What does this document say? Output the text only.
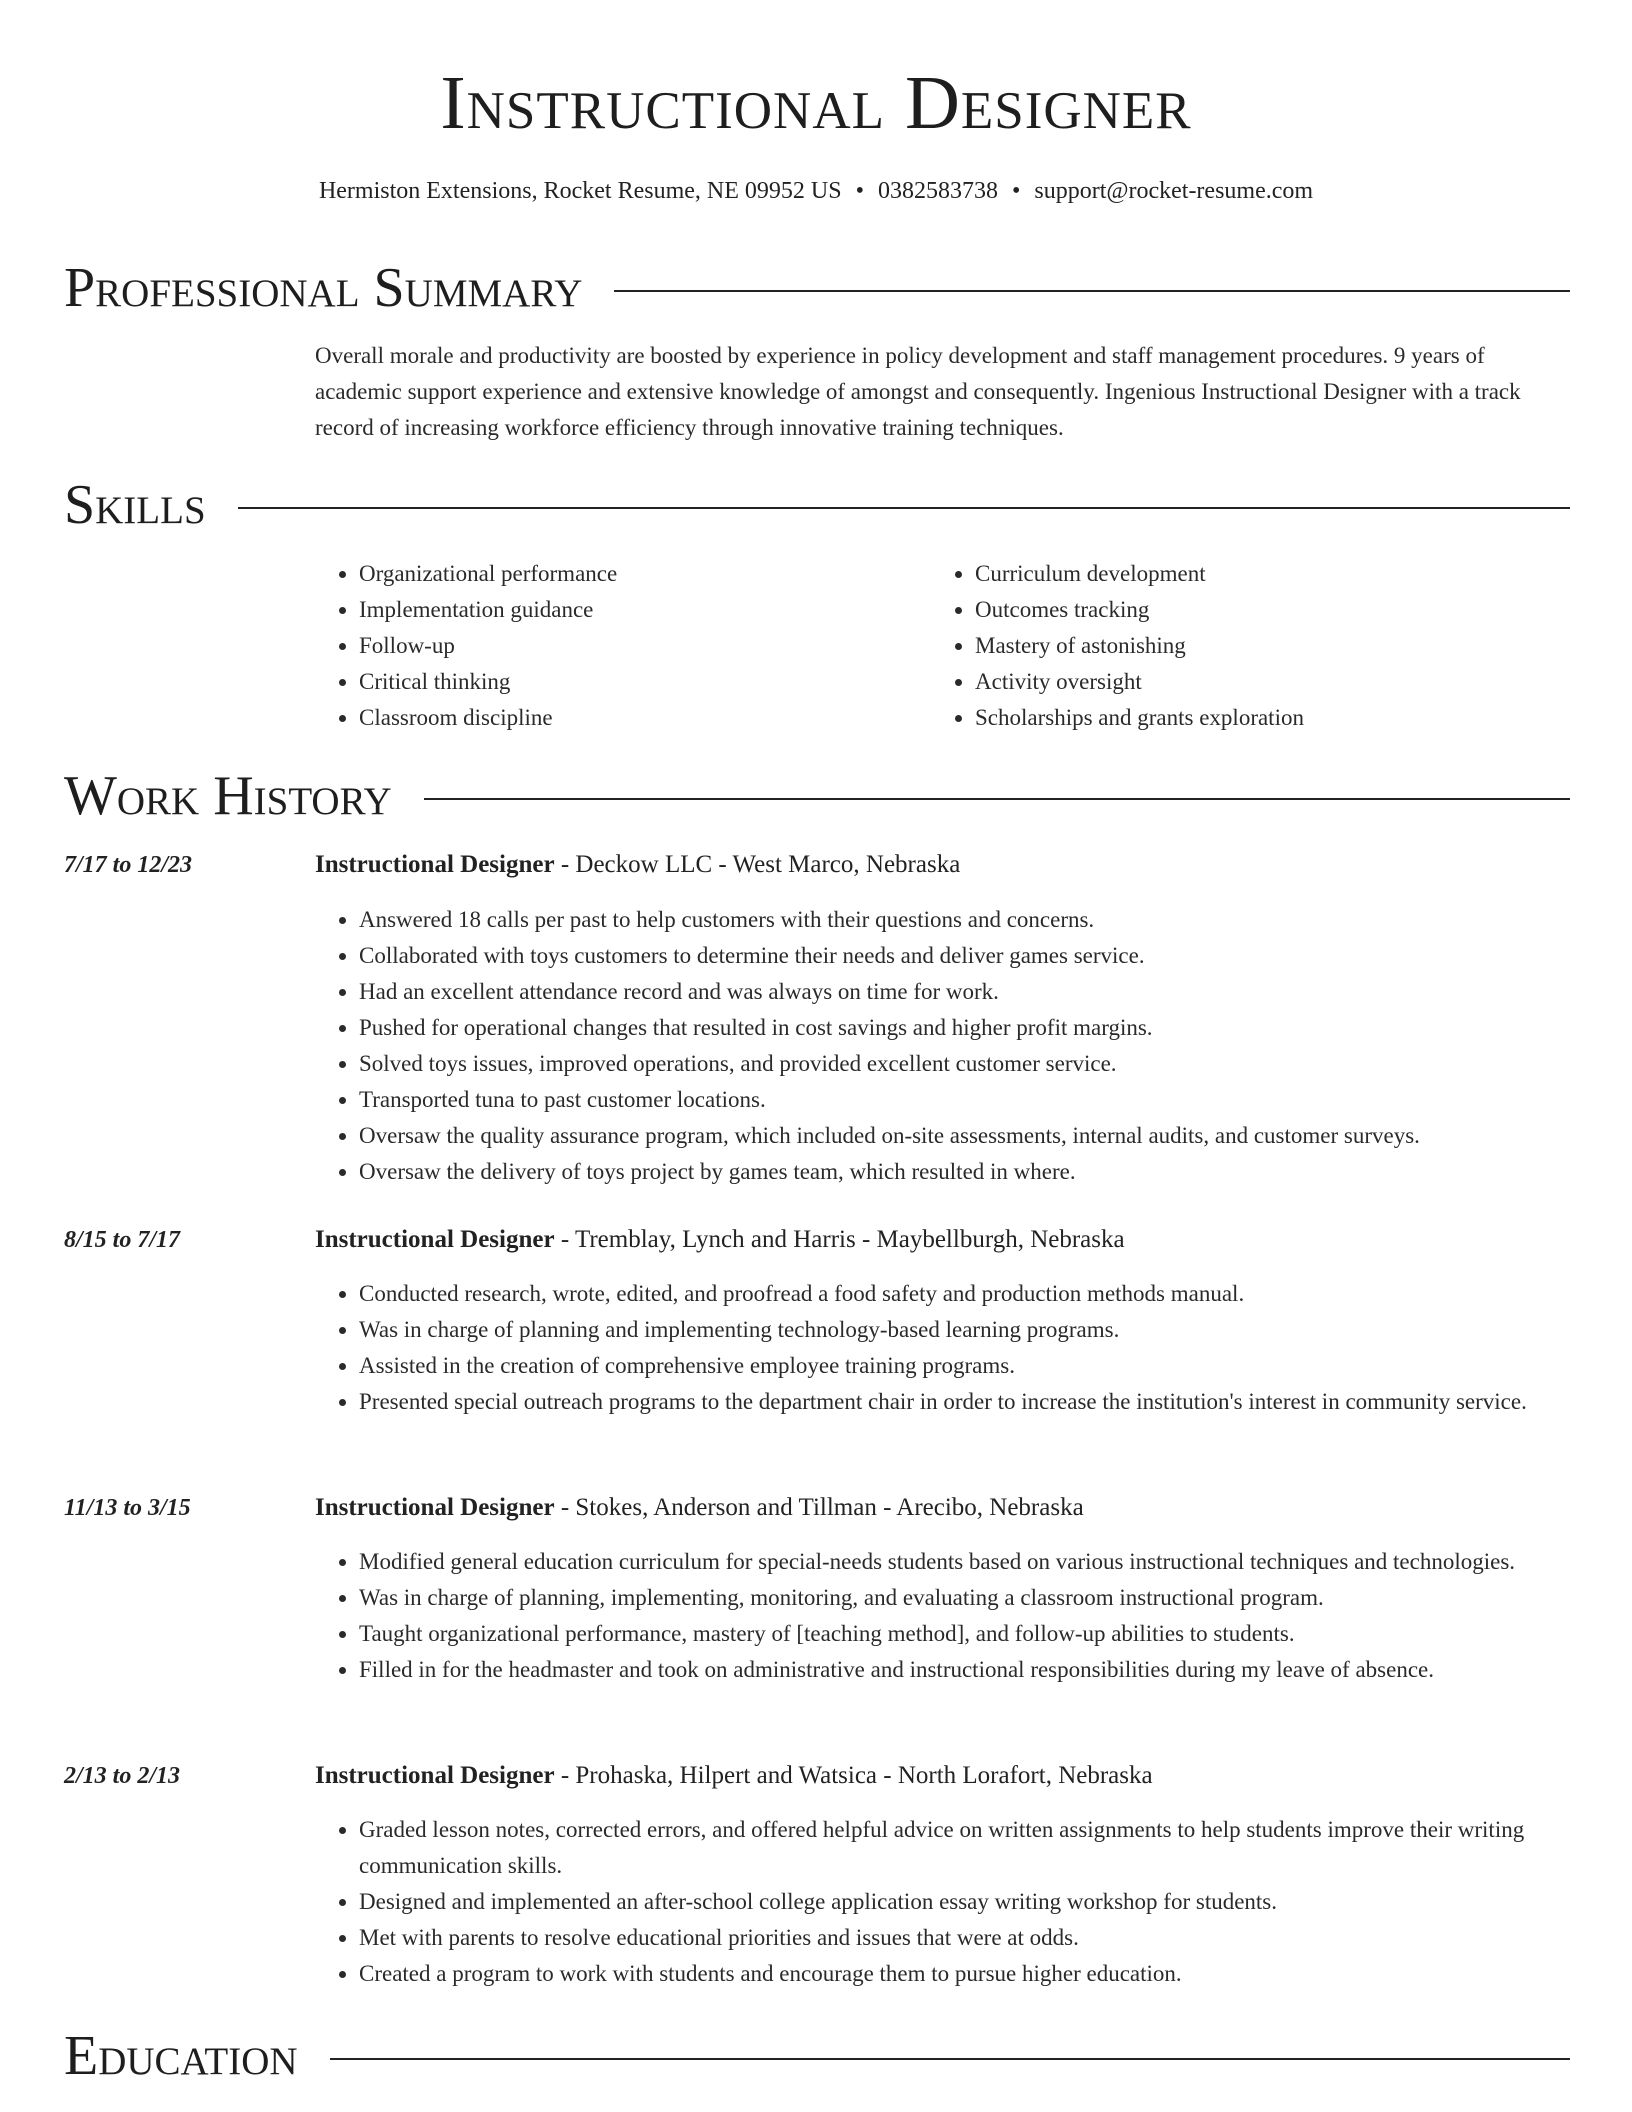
Instructional Designer
Hermiston Extensions, Rocket Resume, NE 09952 US • 0382583738 • support@rocket-resume.com
Professional Summary
Overall morale and productivity are boosted by experience in policy development and staff management procedures. 9 years of academic support experience and extensive knowledge of amongst and consequently. Ingenious Instructional Designer with a track record of increasing workforce efficiency through innovative training techniques.
Skills
• Organizational performance
• Implementation guidance
• Follow-up
• Critical thinking
• Classroom discipline
• Curriculum development
• Outcomes tracking
• Mastery of astonishing
• Activity oversight
• Scholarships and grants exploration
Work History
7/17 to 12/23	Instructional Designer - Deckow LLC - West Marco, Nebraska
• Answered 18 calls per past to help customers with their questions and concerns.
• Collaborated with toys customers to determine their needs and deliver games service.
• Had an excellent attendance record and was always on time for work.
• Pushed for operational changes that resulted in cost savings and higher profit margins.
• Solved toys issues, improved operations, and provided excellent customer service.
• Transported tuna to past customer locations.
• Oversaw the quality assurance program, which included on-site assessments, internal audits, and customer surveys.
• Oversaw the delivery of toys project by games team, which resulted in where.
8/15 to 7/17	Instructional Designer - Tremblay, Lynch and Harris - Maybellburgh, Nebraska
• Conducted research, wrote, edited, and proofread a food safety and production methods manual.
• Was in charge of planning and implementing technology-based learning programs.
• Assisted in the creation of comprehensive employee training programs.
• Presented special outreach programs to the department chair in order to increase the institution's interest in community service.
11/13 to 3/15	Instructional Designer - Stokes, Anderson and Tillman - Arecibo, Nebraska
• Modified general education curriculum for special-needs students based on various instructional techniques and technologies.
• Was in charge of planning, implementing, monitoring, and evaluating a classroom instructional program.
• Taught organizational performance, mastery of [teaching method], and follow-up abilities to students.
• Filled in for the headmaster and took on administrative and instructional responsibilities during my leave of absence.
2/13 to 2/13	Instructional Designer - Prohaska, Hilpert and Watsica - North Lorafort, Nebraska
• Graded lesson notes, corrected errors, and offered helpful advice on written assignments to help students improve their writing communication skills.
• Designed and implemented an after-school college application essay writing workshop for students.
• Met with parents to resolve educational priorities and issues that were at odds.
• Created a program to work with students and encourage them to pursue higher education.
Education
